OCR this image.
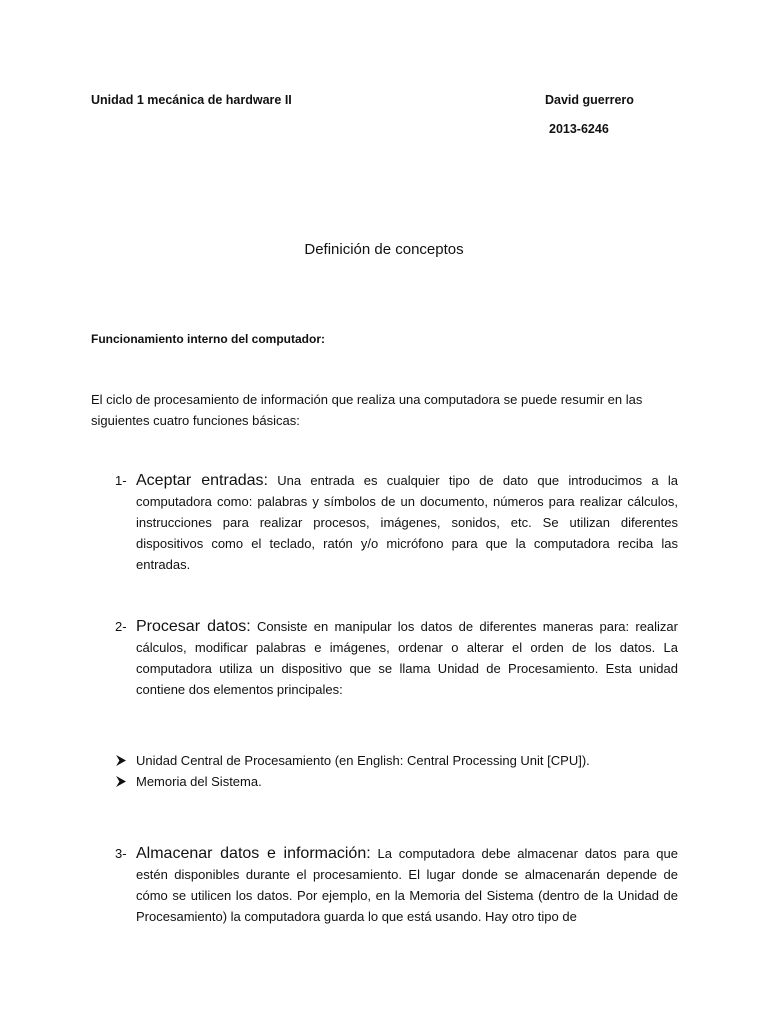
Unidad 1 mecánica de hardware II	David guerrero
2013-6246
Definición de conceptos
Funcionamiento interno del computador:
El ciclo de procesamiento de información que realiza una computadora se puede resumir en las siguientes cuatro funciones básicas:
1- Aceptar entradas: Una entrada es cualquier tipo de dato que introducimos a la computadora como: palabras y símbolos de un documento, números para realizar cálculos, instrucciones para realizar procesos, imágenes, sonidos, etc. Se utilizan diferentes dispositivos como el teclado, ratón y/o micrófono para que la computadora reciba las entradas.
2- Procesar datos: Consiste en manipular los datos de diferentes maneras para: realizar cálculos, modificar palabras e imágenes, ordenar o alterar el orden de los datos. La computadora utiliza un dispositivo que se llama Unidad de Procesamiento. Esta unidad contiene dos elementos principales:
Unidad Central de Procesamiento (en English: Central Processing Unit [CPU]).
Memoria del Sistema.
3- Almacenar datos e información: La computadora debe almacenar datos para que estén disponibles durante el procesamiento. El lugar donde se almacenarán depende de cómo se utilicen los datos. Por ejemplo, en la Memoria del Sistema (dentro de la Unidad de Procesamiento) la computadora guarda lo que está usando. Hay otro tipo de
